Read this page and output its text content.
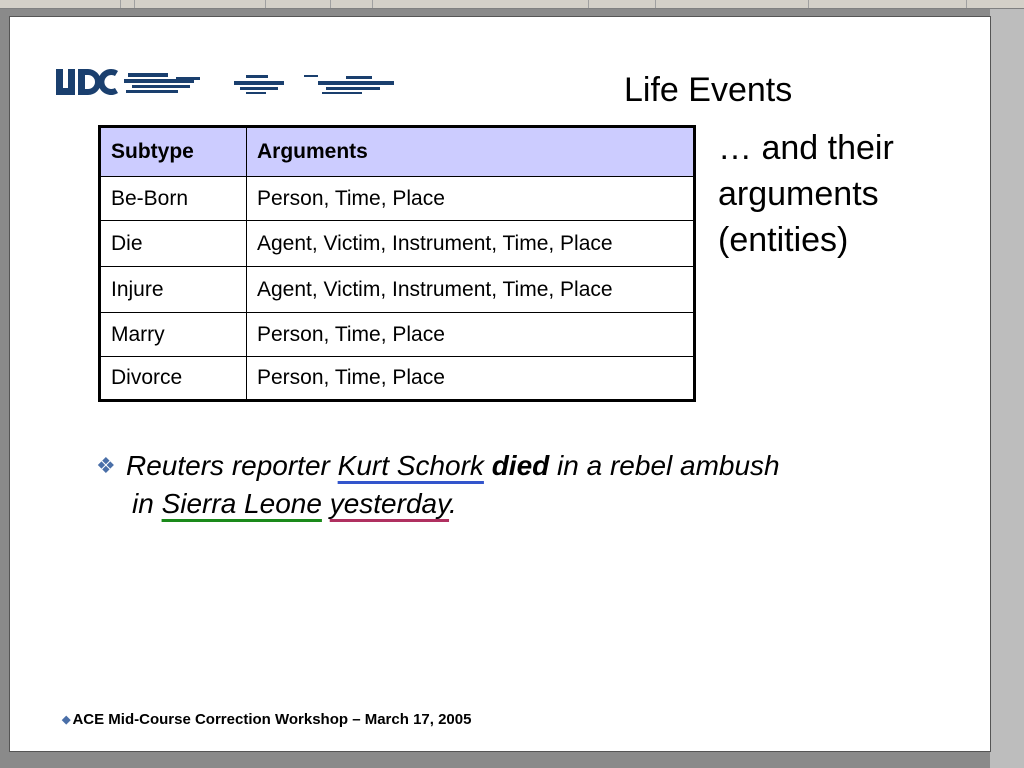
Life Events
… and their
arguments
(entities)
Subtype	Arguments
Be-Born	Person, Time, Place
Die	Agent, Victim, Instrument, Time, Place
Injure	Agent, Victim, Instrument, Time, Place
Marry	Person, Time, Place
Divorce	Person, Time, Place
❖ Reuters reporter Kurt Schork died in a rebel ambush
in Sierra Leone yesterday.
◆ ACE Mid-Course Correction Workshop – March 17, 2005
